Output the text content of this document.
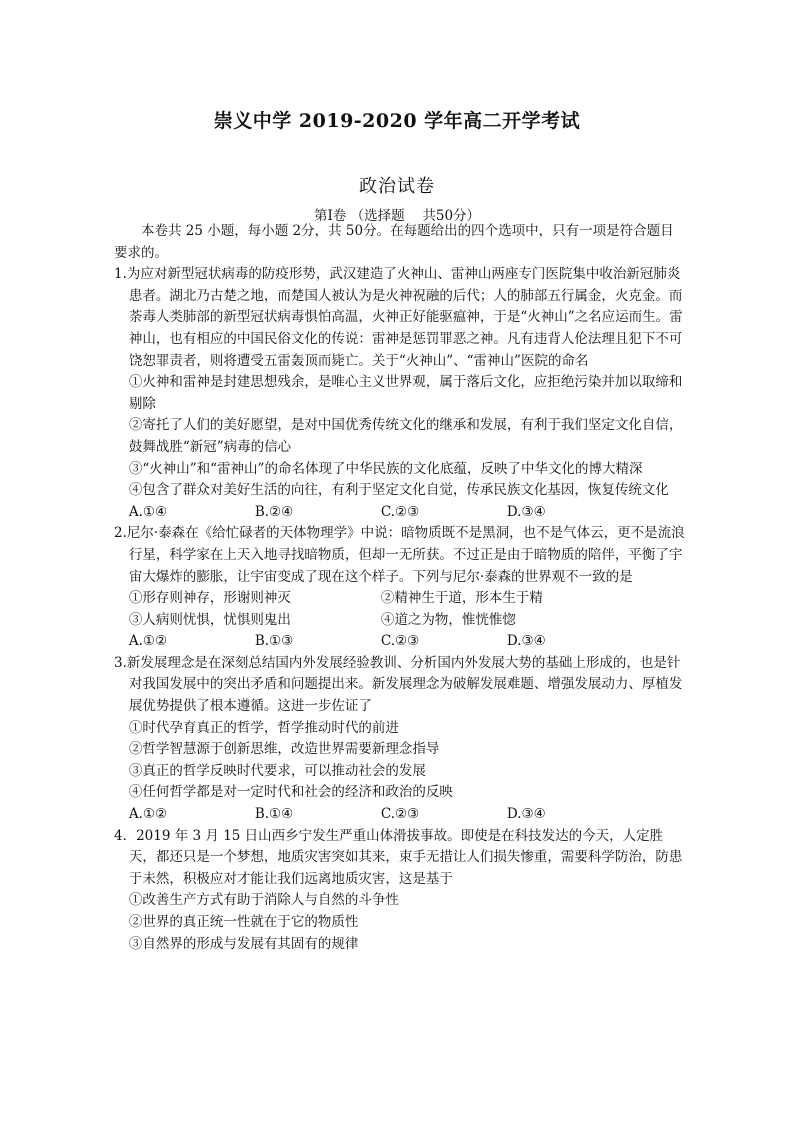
崇义中学 2019-2020 学年高二开学考试
政治试卷
第Ⅰ卷 （选择题　 共50分）

本卷共 25 小题，每小题 2分，共 50分。在每题给出的四个选项中，只有一项是符合题目要求的。

1.为应对新型冠状病毒的防疫形势，武汉建造了火神山、雷神山两座专门医院集中收治新冠肺炎患者。湖北乃古楚之地，而楚国人被认为是火神祝融的后代；人的肺部五行属金，火克金。而荼毒人类肺部的新型冠状病毒惧怕高温，火神正好能驱瘟神，于是“火神山”之名应运而生。雷神山，也有相应的中国民俗文化的传说：雷神是惩罚罪恶之神。凡有违背人伦法理且犯下不可饶恕罪责者，则将遭受五雷轰顶而毙亡。关于“火神山”、“雷神山”医院的命名

①火神和雷神是封建思想残余，是唯心主义世界观，属于落后文化，应拒绝污染并加以取缔和剔除

②寄托了人们的美好愿望，是对中国优秀传统文化的继承和发展，有利于我们坚定文化自信，鼓舞战胜“新冠”病毒的信心

③“火神山”和“雷神山”的命名体现了中华民族的文化底蕴，反映了中华文化的博大精深

④包含了群众对美好生活的向往，有利于坚定文化自觉，传承民族文化基因，恢复传统文化

A.①④	B.②④	C.②③	D.③④

2.尼尔·泰森在《给忙碌者的天体物理学》中说：暗物质既不是黑洞，也不是气体云，更不是流浪行星，科学家在上天入地寻找暗物质，但却一无所获。不过正是由于暗物质的陪伴，平衡了宇宙大爆炸的膨胀，让宇宙变成了现在这个样子。下列与尼尔·泰森的世界观不一致的是

①形存则神存，形谢则神灭	②精神生于道，形本生于精
③人病则忧惧，忧惧则鬼出	④道之为物，惟恍惟惚
A.①②	B.①③	C.②③	D.③④

3.新发展理念是在深刻总结国内外发展经验教训、分析国内外发展大势的基础上形成的，也是针对我国发展中的突出矛盾和问题提出来。新发展理念为破解发展难题、增强发展动力、厚植发展优势提供了根本遵循。这进一步佐证了

①时代孕育真正的哲学，哲学推动时代的前进

②哲学智慧源于创新思维，改造世界需要新理念指导

③真正的哲学反映时代要求，可以推动社会的发展

④任何哲学都是对一定时代和社会的经济和政治的反映

A.①②	B.①④	C.②③	D.③④

4．2019 年 3 月 15 日山西乡宁发生严重山体滑拔事故。即使是在科技发达的今天，人定胜天，都还只是一个梦想，地质灾害突如其来，束手无措让人们损失惨重，需要科学防治，防患于未然，积极应对才能让我们远离地质灾害，这是基于

①改善生产方式有助于消除人与自然的斗争性

②世界的真正统一性就在于它的物质性

③自然界的形成与发展有其固有的规律
